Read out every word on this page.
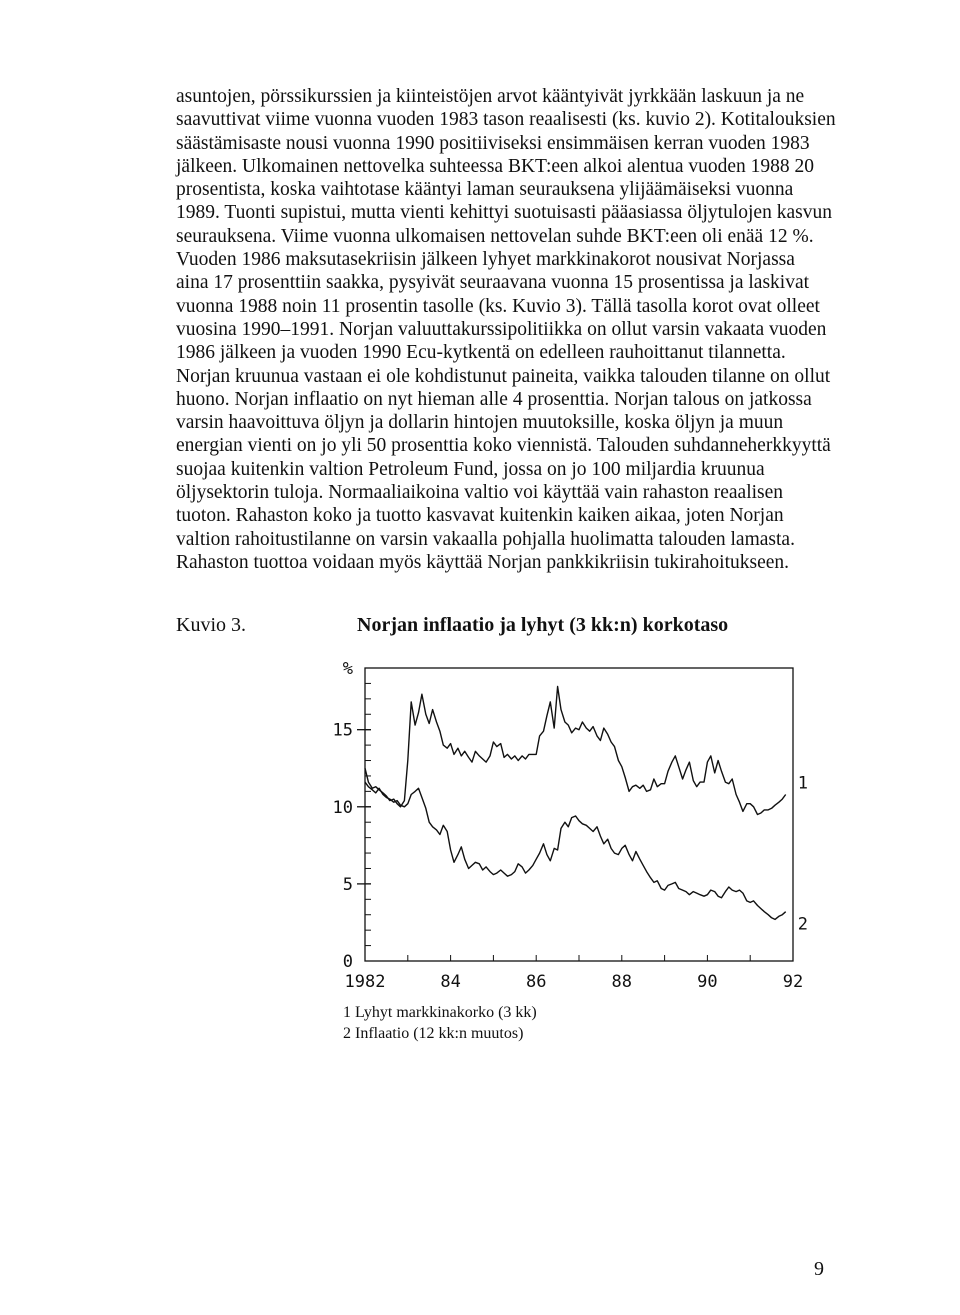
asuntojen, pörssikurssien ja kiinteistöjen arvot kääntyivät jyrkkään laskuun ja ne
saavuttivat viime vuonna vuoden 1983 tason reaalisesti (ks. kuvio 2). Kotitalouksien
säästämisaste nousi vuonna 1990 positiiviseksi ensimmäisen kerran vuoden 1983
jälkeen. Ulkomainen nettovelka suhteessa BKT:een alkoi alentua vuoden 1988 20
prosentista, koska vaihtotase kääntyi laman seurauksena ylijäämäiseksi vuonna
1989. Tuonti supistui, mutta vienti kehittyi suotuisasti pääasiassa öljytulojen kasvun
seurauksena. Viime vuonna ulkomaisen nettovelan suhde BKT:een oli enää 12 %.
Vuoden 1986 maksutasekriisin jälkeen lyhyet markkinakorot nousivat Norjassa
aina 17 prosenttiin saakka, pysyivät seuraavana vuonna 15 prosentissa ja laskivat
vuonna 1988 noin 11 prosentin tasolle (ks. Kuvio 3). Tällä tasolla korot ovat olleet
vuosina 1990–1991. Norjan valuuttakurssipolitiikka on ollut varsin vakaata vuoden
1986 jälkeen ja vuoden 1990 Ecu-kytkentä on edelleen rauhoittanut tilannetta.
Norjan kruunua vastaan ei ole kohdistunut paineita, vaikka talouden tilanne on ollut
huono. Norjan inflaatio on nyt hieman alle 4 prosenttia. Norjan talous on jatkossa
varsin haavoittuva öljyn ja dollarin hintojen muutoksille, koska öljyn ja muun
energian vienti on jo yli 50 prosenttia koko viennistä. Talouden suhdanneherkkyyttä
suojaa kuitenkin valtion Petroleum Fund, jossa on jo 100 miljardia kruunua
öljysektorin tuloja. Normaaliaikoina valtio voi käyttää vain rahaston reaalisen
tuoton. Rahaston koko ja tuotto kasvavat kuitenkin kaiken aikaa, joten Norjan
valtion rahoitustilanne on varsin vakaalla pohjalla huolimatta talouden lamasta.
Rahaston tuottoa voidaan myös käyttää Norjan pankkikriisin tukirahoitukseen.
Kuvio 3.	Norjan inflaatio ja lyhyt (3 kk:n) korkotaso
0
5
10
15
%
1982	84	86	88	90	92
1
2
1 Lyhyt markkinakorko (3 kk)
2 Inflaatio (12 kk:n muutos)
9
